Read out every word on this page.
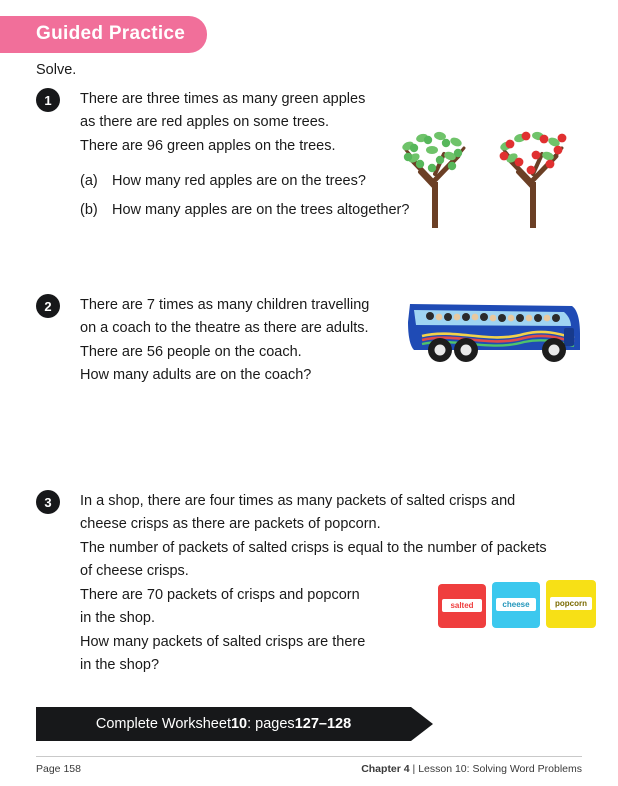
Guided Practice

Solve.

1	There are three times as many green apples
as there are red apples on some trees.
There are 96 green apples on the trees.
(a) How many red apples are on the trees?
(b) How many apples are on the trees altogether?
2	There are 7 times as many children travelling
on a coach to the theatre as there are adults.
There are 56 people on the coach.
How many adults are on the coach?
3	In a shop, there are four times as many packets of salted crisps and
cheese crisps as there are packets of popcorn.
The number of packets of salted crisps is equal to the number of packets
of cheese crisps.
There are 70 packets of crisps and popcorn
in the shop.
How many packets of salted crisps are there
in the shop?
salted	cheese	popcorn
Complete Worksheet 10 : pages 127–128
Page 158	Chapter 4 | Lesson 10: Solving Word Problems
